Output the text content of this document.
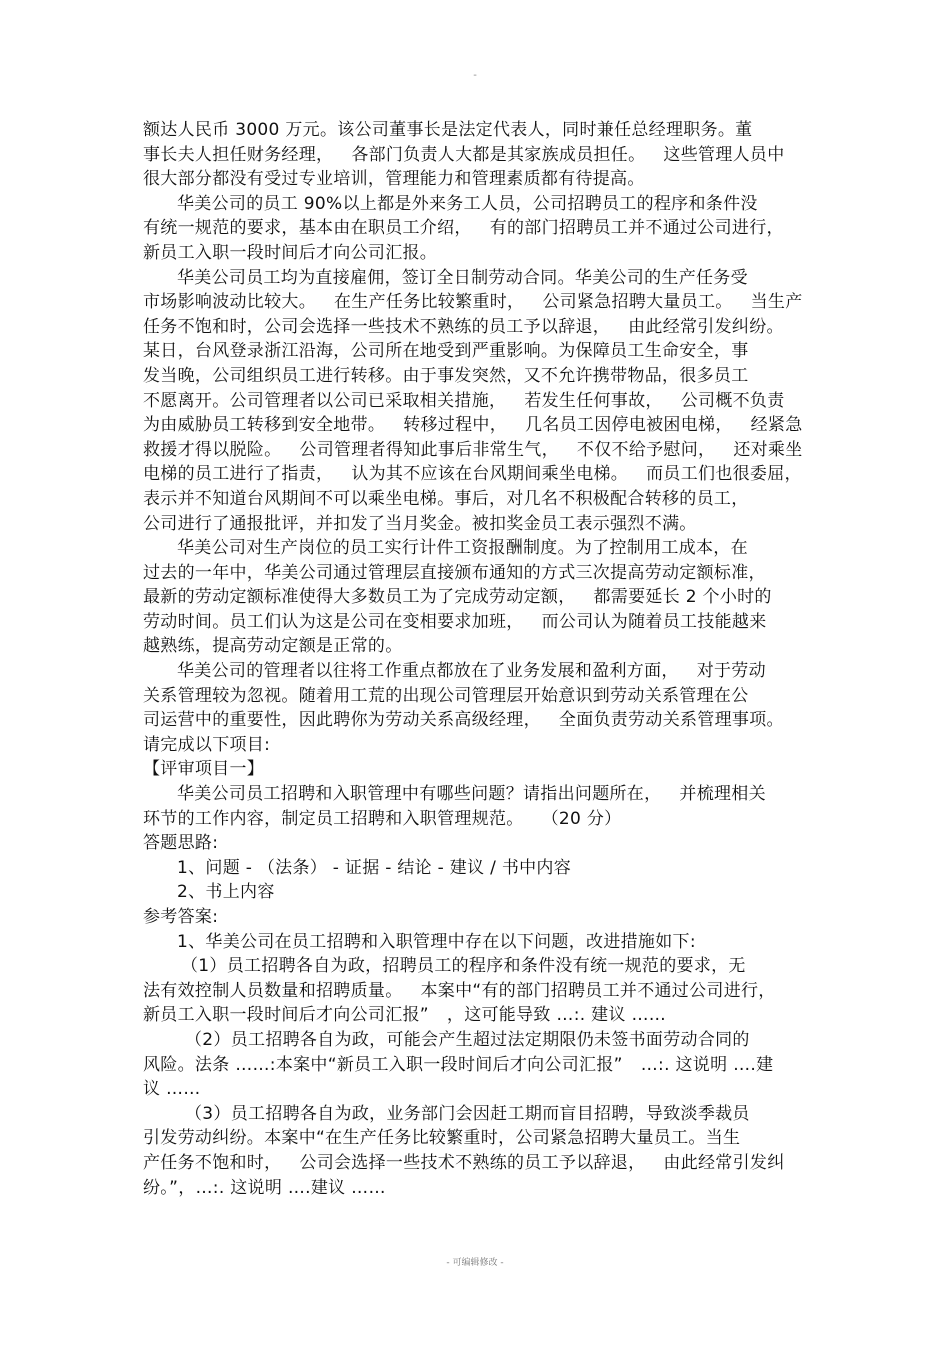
-
额达人民币 3000 万元。该公司董事长是法定代表人，同时兼任总经理职务。董
事长夫人担任财务经理， 各部门负责人大都是其家族成员担任。 这些管理人员中
很大部分都没有受过专业培训，管理能力和管理素质都有待提高。
华美公司的员工 90%以上都是外来务工人员，公司招聘员工的程序和条件没
有统一规范的要求，基本由在职员工介绍， 有的部门招聘员工并不通过公司进行，
新员工入职一段时间后才向公司汇报。
华美公司员工均为直接雇佣，签订全日制劳动合同。华美公司的生产任务受
市场影响波动比较大。 在生产任务比较繁重时， 公司紧急招聘大量员工。 当生产
任务不饱和时，公司会选择一些技术不熟练的员工予以辞退， 由此经常引发纠纷。
某日，台风登录浙江沿海，公司所在地受到严重影响。为保障员工生命安全，事
发当晚，公司组织员工进行转移。由于事发突然，又不允许携带物品，很多员工
不愿离开。公司管理者以公司已采取相关措施， 若发生任何事故， 公司概不负责
为由威胁员工转移到安全地带。 转移过程中， 几名员工因停电被困电梯， 经紧急
救援才得以脱险。 公司管理者得知此事后非常生气， 不仅不给予慰问， 还对乘坐
电梯的员工进行了指责， 认为其不应该在台风期间乘坐电梯。 而员工们也很委屈，
表示并不知道台风期间不可以乘坐电梯。事后，对几名不积极配合转移的员工，
公司进行了通报批评，并扣发了当月奖金。被扣奖金员工表示强烈不满。
华美公司对生产岗位的员工实行计件工资报酬制度。为了控制用工成本，在
过去的一年中，华美公司通过管理层直接颁布通知的方式三次提高劳动定额标准，
最新的劳动定额标准使得大多数员工为了完成劳动定额， 都需要延长 2 个小时的
劳动时间。员工们认为这是公司在变相要求加班， 而公司认为随着员工技能越来
越熟练，提高劳动定额是正常的。
华美公司的管理者以往将工作重点都放在了业务发展和盈利方面， 对于劳动
关系管理较为忽视。随着用工荒的出现公司管理层开始意识到劳动关系管理在公
司运营中的重要性，因此聘你为劳动关系高级经理， 全面负责劳动关系管理事项。
请完成以下项目:
【评审项目一】
华美公司员工招聘和入职管理中有哪些问题？请指出问题所在， 并梳理相关
环节的工作内容，制定员工招聘和入职管理规范。 （20 分）
答题思路:
1、问题 - （法条） - 证据 - 结论 - 建议 / 书中内容
2、书上内容
参考答案:
1、华美公司在员工招聘和入职管理中存在以下问题，改进措施如下:
（1）员工招聘各自为政，招聘员工的程序和条件没有统一规范的要求，无
法有效控制人员数量和招聘质量。 本案中“有的部门招聘员工并不通过公司进行，
新员工入职一段时间后才向公司汇报” ，这可能导致 …:. 建议 ……
（2）员工招聘各自为政，可能会产生超过法定期限仍未签书面劳动合同的
风险。法条 ……:本案中“新员工入职一段时间后才向公司汇报” …:. 这说明 ….建
议 ……
（3）员工招聘各自为政，业务部门会因赶工期而盲目招聘，导致淡季裁员
引发劳动纠纷。本案中“在生产任务比较繁重时，公司紧急招聘大量员工。当生
产任务不饱和时， 公司会选择一些技术不熟练的员工予以辞退， 由此经常引发纠
纷。”，…:. 这说明 ….建议 ……
- 可编辑修改 -
